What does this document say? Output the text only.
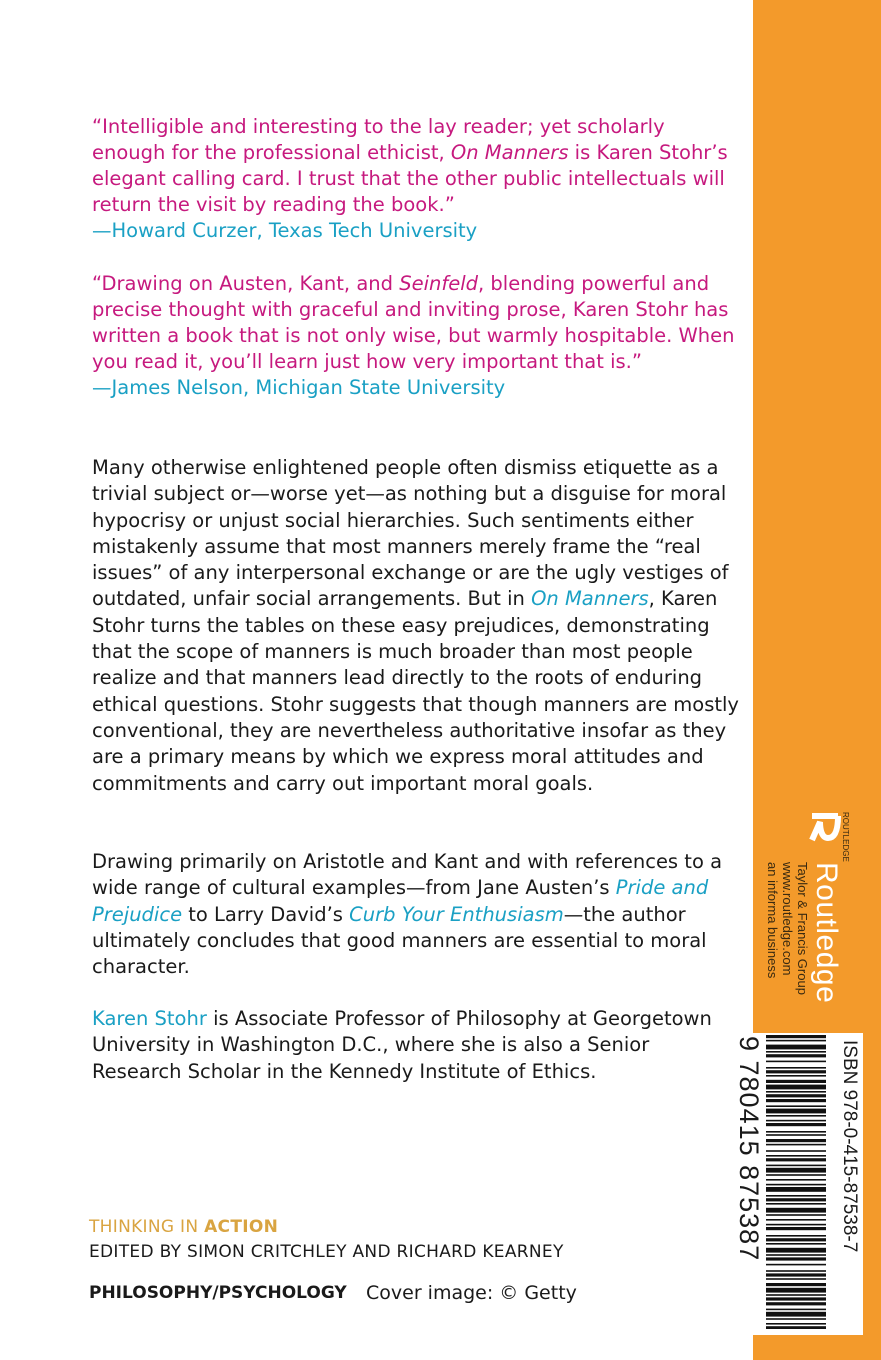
“Intelligible and interesting to the lay reader; yet scholarly enough for the professional ethicist, On Manners is Karen Stohr’s elegant calling card. I trust that the other public intellectuals will return the visit by reading the book.”
—Howard Curzer, Texas Tech University
“Drawing on Austen, Kant, and Seinfeld, blending powerful and precise thought with graceful and inviting prose, Karen Stohr has written a book that is not only wise, but warmly hospitable. When you read it, you’ll learn just how very important that is.”
—James Nelson, Michigan State University
Many otherwise enlightened people often dismiss etiquette as a trivial subject or—worse yet—as nothing but a disguise for moral hypocrisy or unjust social hierarchies. Such sentiments either mistakenly assume that most manners merely frame the “real issues” of any interpersonal exchange or are the ugly vestiges of outdated, unfair social arrangements. But in On Manners, Karen Stohr turns the tables on these easy prejudices, demonstrating that the scope of manners is much broader than most people realize and that manners lead directly to the roots of enduring ethical questions. Stohr suggests that though manners are mostly conventional, they are nevertheless authoritative insofar as they are a primary means by which we express moral attitudes and commitments and carry out important moral goals.
Drawing primarily on Aristotle and Kant and with references to a wide range of cultural examples—from Jane Austen’s Pride and Prejudice to Larry David’s Curb Your Enthusiasm—the author ultimately concludes that good manners are essential to moral character.
Karen Stohr is Associate Professor of Philosophy at Georgetown University in Washington D.C., where she is also a Senior Research Scholar in the Kennedy Institute of Ethics.
THINKING IN ACTION
EDITED BY SIMON CRITCHLEY AND RICHARD KEARNEY
PHILOSOPHY/PSYCHOLOGY Cover image: © Getty
ROUTLEDGE
Routledge
Taylor & Francis Group
www.routledge.com
an informa business
ISBN 978-0-415-87538-7
9 780415 875387
